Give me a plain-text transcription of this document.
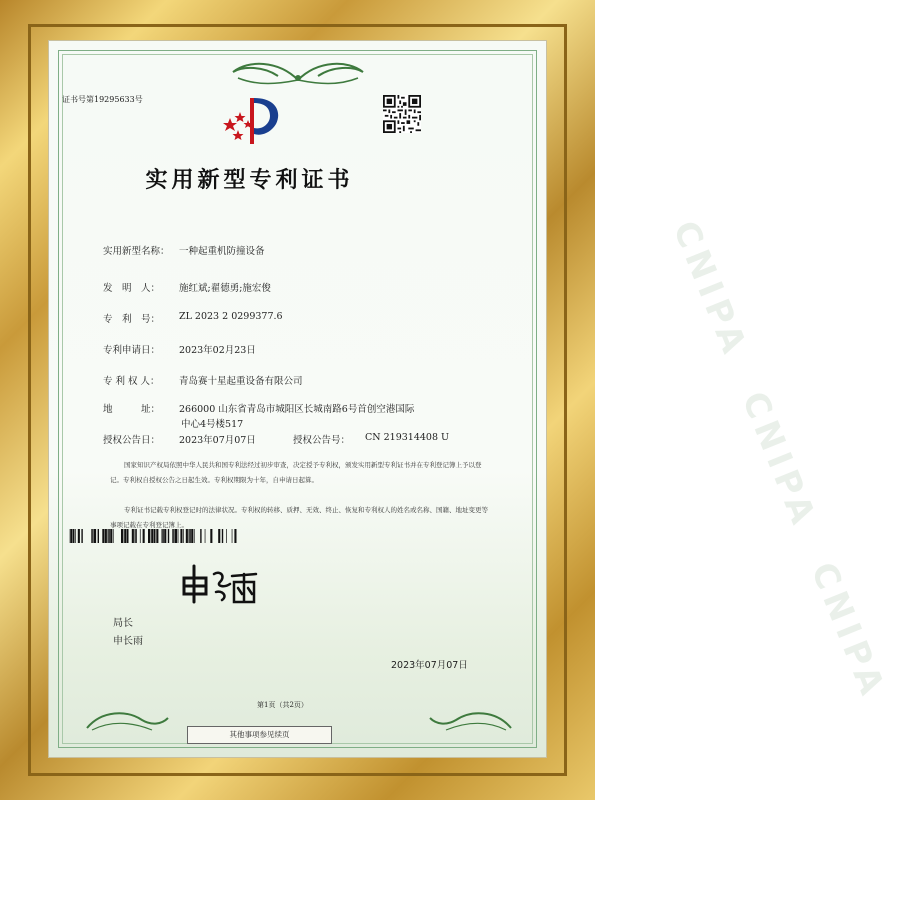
CNIPA　CNIPA　CNIPA
证书号第19295633号
实用新型专利证书
实用新型名称： 一种起重机防撞设备
发　明　人： 施红斌;翟德勇;施宏俊
专　利　号： ZL 2023 2 0299377.6
专利申请日： 2023年02月23日
专 利 权 人： 青岛赛十星起重设备有限公司
地　　　址： 266000 山东省青岛市城阳区长城南路6号首创空港国际
中心4号楼517
授权公告日： 2023年07月07日	授权公告号： CN 219314408 U
国家知识产权局依照中华人民共和国专利法经过初步审查，决定授予专利权，颁发实用新型专利证书并在专利登记簿上予以登记。专利权自授权公告之日起生效。专利权期限为十年，自申请日起算。
专利证书记载专利权登记时的法律状况。专利权的转移、质押、无效、终止、恢复和专利权人的姓名或名称、国籍、地址变更等事项记载在专利登记簿上。
局长
申长雨
2023年07月07日
第1页（共2页）
其他事项参见续页
